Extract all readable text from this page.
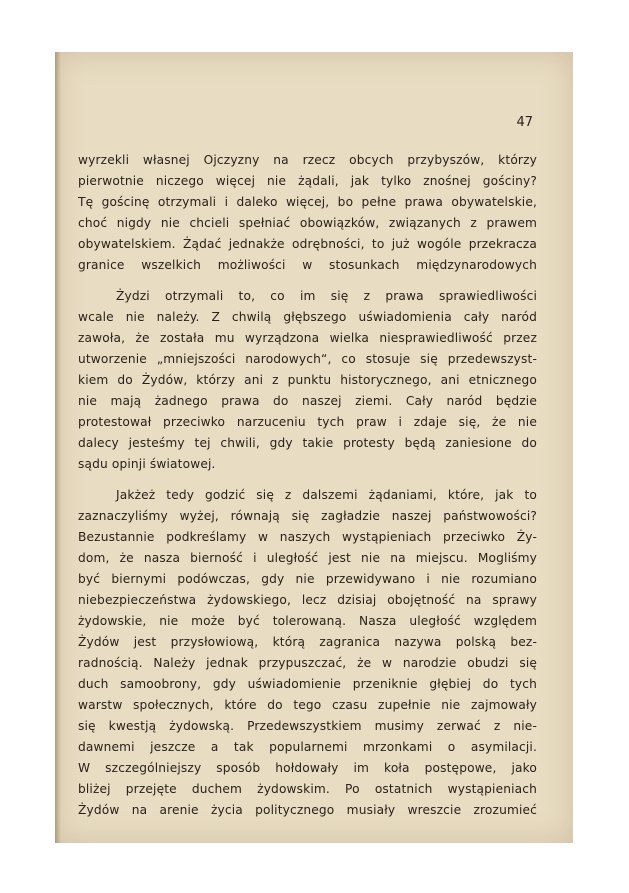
47

wyrzekli własnej Ojczyzny na rzecz obcych przybyszów, którzy
pierwotnie niczego więcej nie żądali, jak tylko znośnej gościny?
Tę gościnę otrzymali i daleko więcej, bo pełne prawa obywatelskie,
choć nigdy nie chcieli spełniać obowiązków, związanych z prawem
obywatelskiem. Żądać jednakże odrębności, to już wogóle przekracza
granice wszelkich możliwości w stosunkach międzynarodowych
Żydzi otrzymali to, co im się z prawa sprawiedliwości
wcale nie należy. Z chwilą głębszego uświadomienia cały naród
zawoła, że została mu wyrządzona wielka niesprawiedliwość przez
utworzenie „mniejszości narodowych“, co stosuje się przedewszyst-
kiem do Żydów, którzy ani z punktu historycznego, ani etnicznego
nie mają żadnego prawa do naszej ziemi. Cały naród będzie
protestował przeciwko narzuceniu tych praw i zdaje się, że nie
dalecy jesteśmy tej chwili, gdy takie protesty będą zaniesione do
sądu opinji światowej.
Jakżeż tedy godzić się z dalszemi żądaniami, które, jak to
zaznaczyliśmy wyżej, równają się zagładzie naszej państwowości?
Bezustannie podkreślamy w naszych wystąpieniach przeciwko Ży-
dom, że nasza bierność i uległość jest nie na miejscu. Mogliśmy
być biernymi podówczas, gdy nie przewidywano i nie rozumiano
niebezpieczeństwa żydowskiego, lecz dzisiaj obojętność na sprawy
żydowskie, nie może być tolerowaną. Nasza uległość względem
Żydów jest przysłowiową, którą zagranica nazywa polską bez-
radnością. Należy jednak przypuszczać, że w narodzie obudzi się
duch samoobrony, gdy uświadomienie przeniknie głębiej do tych
warstw społecznych, które do tego czasu zupełnie nie zajmowały
się kwestją żydowską. Przedewszystkiem musimy zerwać z nie-
dawnemi jeszcze a tak popularnemi mrzonkami o asymilacji.
W szczególniejszy sposób hołdowały im koła postępowe, jako
bliżej przejęte duchem żydowskim. Po ostatnich wystąpieniach
Żydów na arenie życia politycznego musiały wreszcie zrozumieć
